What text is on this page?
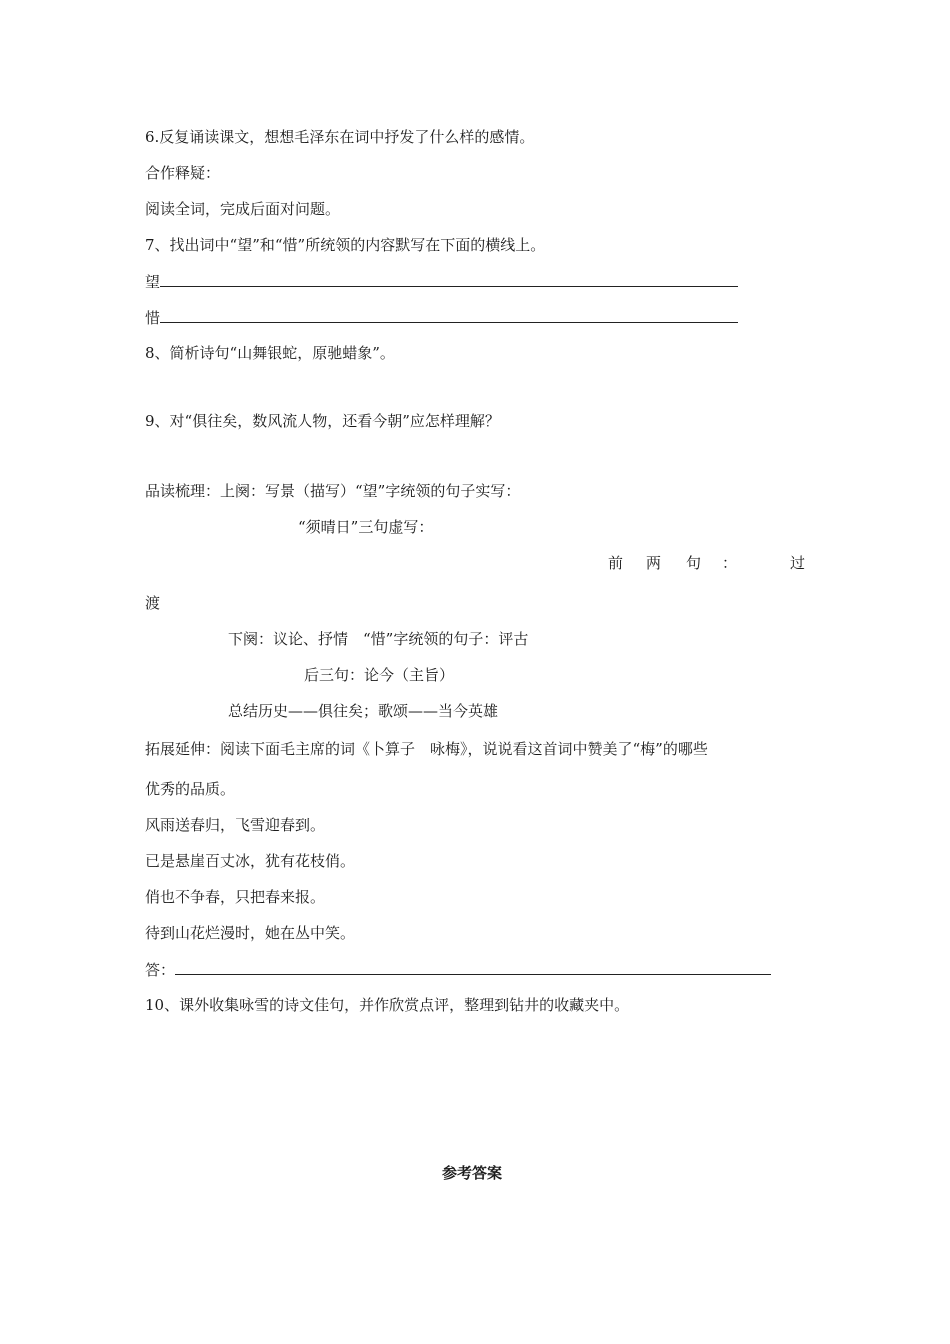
6.反复诵读课文，想想毛泽东在词中抒发了什么样的感情。
合作释疑：
阅读全词，完成后面对问题。
7、找出词中“望”和“惜”所统领的内容默写在下面的横线上。
望
惜
8、简析诗句“山舞银蛇，原驰蜡象”。
9、对“俱往矣，数风流人物，还看今朝”应怎样理解？
品读梳理：上阕：写景（描写）“望”字统领的句子实写：
“须晴日”三句虚写：
前 两 句 ：	过
渡
下阕：议论、抒情　“惜”字统领的句子：评古
后三句：论今（主旨）
总结历史——俱往矣；歌颂——当今英雄
拓展延伸：阅读下面毛主席的词《卜算子　咏梅》，说说看这首词中赞美了“梅”的哪些
优秀的品质。
风雨送春归，飞雪迎春到。
已是悬崖百丈冰，犹有花枝俏。
俏也不争春，只把春来报。
待到山花烂漫时，她在丛中笑。
答：
10、课外收集咏雪的诗文佳句，并作欣赏点评，整理到钻井的收藏夹中。
参考答案
